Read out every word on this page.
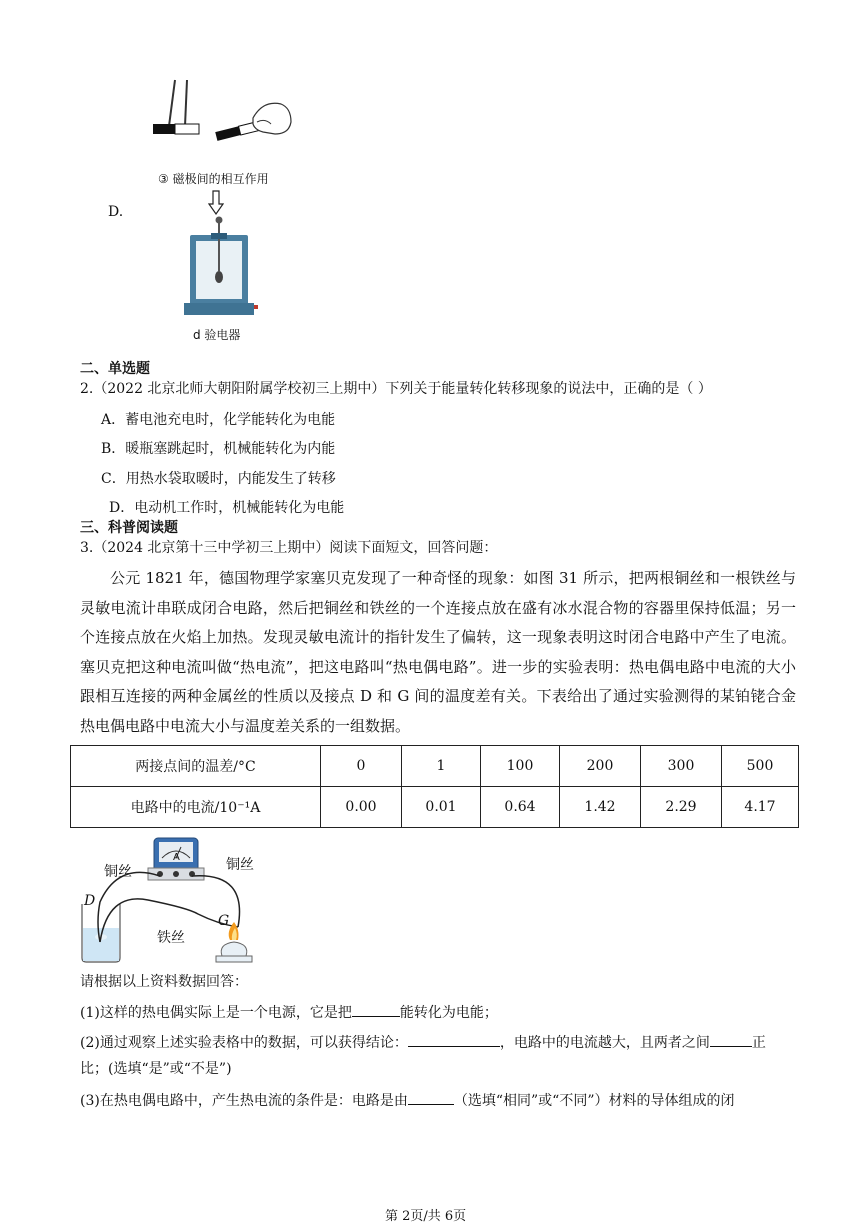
③ 磁极间的相互作用
D.
d 验电器
二、单选题
2.（2022 北京北师大朝阳附属学校初三上期中）下列关于能量转化转移现象的说法中，正确的是（ ）
A．蓄电池充电时，化学能转化为电能
B．暖瓶塞跳起时，机械能转化为内能
C．用热水袋取暖时，内能发生了转移
D．电动机工作时，机械能转化为电能
三、科普阅读题
3.（2024 北京第十三中学初三上期中）阅读下面短文，回答问题：
公元 1821 年，德国物理学家塞贝克发现了一种奇怪的现象：如图 31 所示，把两根铜丝和一根铁丝与灵敏电流计串联成闭合电路，然后把铜丝和铁丝的一个连接点放在盛有冰水混合物的容器里保持低温；另一个连接点放在火焰上加热。发现灵敏电流计的指针发生了偏转，这一现象表明这时闭合电路中产生了电流。塞贝克把这种电流叫做“热电流”，把这电路叫“热电偶电路”。进一步的实验表明：热电偶电路中电流的大小跟相互连接的两种金属丝的性质以及接点 D 和 G 间的温度差有关。下表给出了通过实验测得的某铂铑合金热电偶电路中电流大小与温度差关系的一组数据。
两接点间的温差/°C	0	1	100	200	300	500
电路中的电流/10⁻¹A	0.00	0.01	0.64	1.42	2.29	4.17
A
铜丝	铜丝
铁丝
D
G
请根据以上资料数据回答：
(1)这样的热电偶实际上是一个电源，它是把	能转化为电能；
(2)通过观察上述实验表格中的数据，可以获得结论：	，电路中的电流越大，且两者之间	正
比；(选填“是”或“不是”)
(3)在热电偶电路中，产生热电流的条件是：电路是由	（选填“相同”或“不同”）材料的导体组成的闭
第 2页/共 6页
